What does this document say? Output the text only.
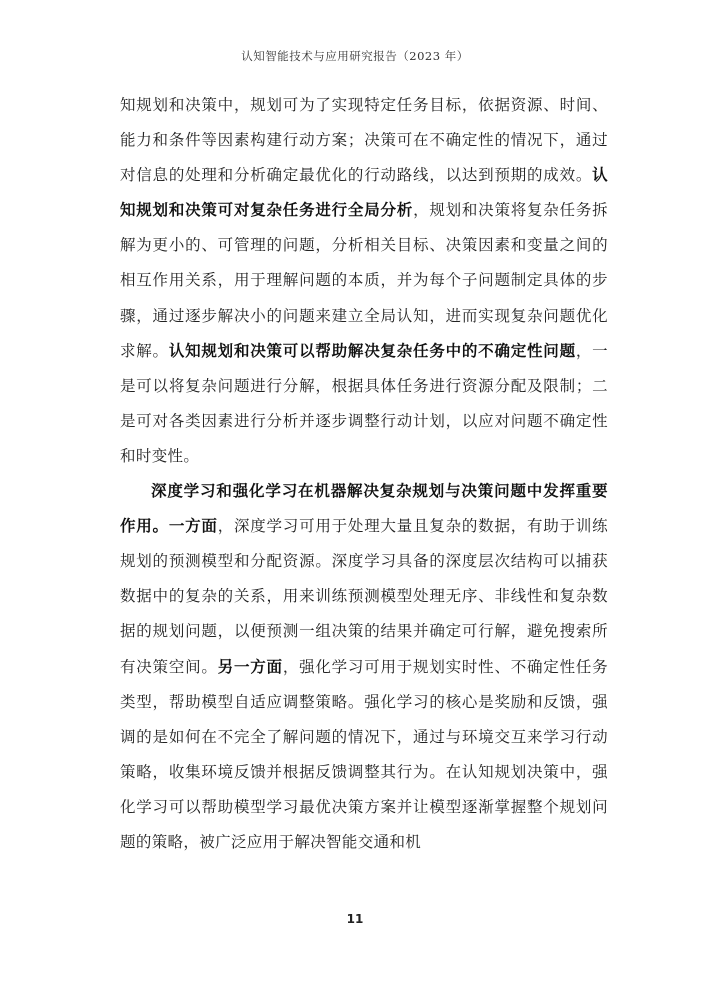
认知智能技术与应用研究报告（2023 年）

知规划和决策中，规划可为了实现特定任务目标，依据资源、时间、能力和条件等因素构建行动方案；决策可在不确定性的情况下，通过对信息的处理和分析确定最优化的行动路线，以达到预期的成效。认知规划和决策可对复杂任务进行全局分析，规划和决策将复杂任务拆解为更小的、可管理的问题，分析相关目标、决策因素和变量之间的相互作用关系，用于理解问题的本质，并为每个子问题制定具体的步骤，通过逐步解决小的问题来建立全局认知，进而实现复杂问题优化求解。认知规划和决策可以帮助解决复杂任务中的不确定性问题，一是可以将复杂问题进行分解，根据具体任务进行资源分配及限制；二是可对各类因素进行分析并逐步调整行动计划，以应对问题不确定性和时变性。

深度学习和强化学习在机器解决复杂规划与决策问题中发挥重要作用。一方面，深度学习可用于处理大量且复杂的数据，有助于训练规划的预测模型和分配资源。深度学习具备的深度层次结构可以捕获数据中的复杂的关系，用来训练预测模型处理无序、非线性和复杂数据的规划问题，以便预测一组决策的结果并确定可行解，避免搜索所有决策空间。另一方面，强化学习可用于规划实时性、不确定性任务类型，帮助模型自适应调整策略。强化学习的核心是奖励和反馈，强调的是如何在不完全了解问题的情况下，通过与环境交互来学习行动策略，收集环境反馈并根据反馈调整其行为。在认知规划决策中，强化学习可以帮助模型学习最优决策方案并让模型逐渐掌握整个规划问题的策略，被广泛应用于解决智能交通和机

11
